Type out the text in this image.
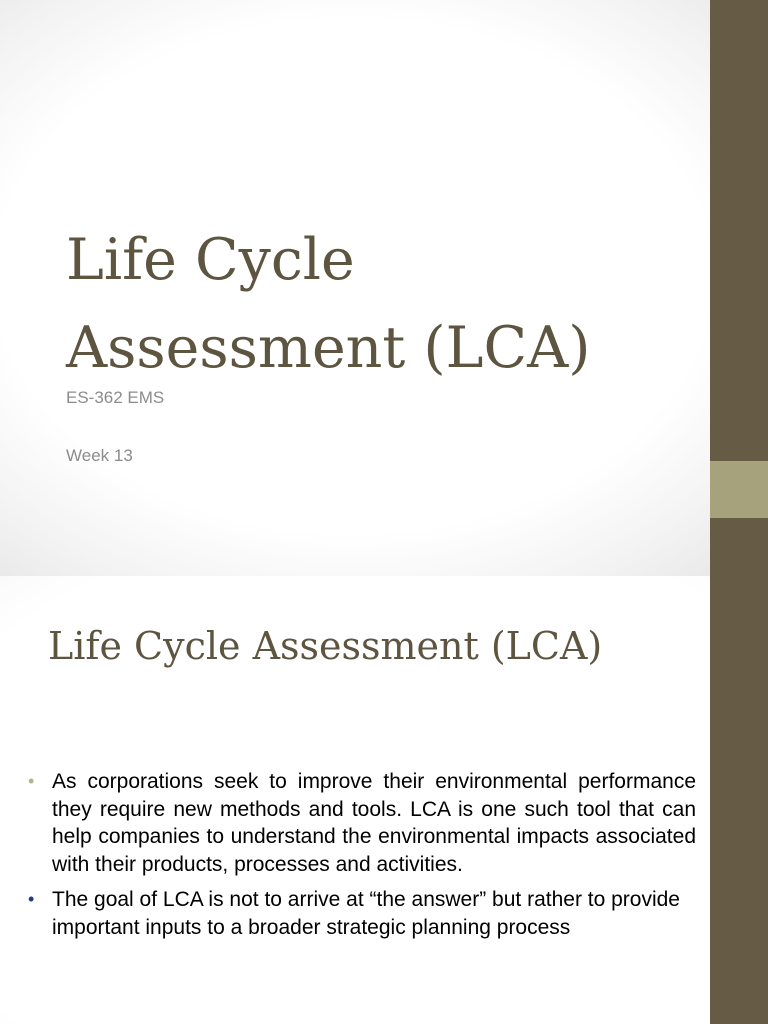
Life Cycle
Assessment (LCA)

ES-362 EMS

Week 13

Life Cycle Assessment (LCA)
• As corporations seek to improve their environmental performance they require new methods and tools. LCA is one such tool that can help companies to understand the environmental impacts associated with their products, processes and activities.
• The goal of LCA is not to arrive at “the answer” but rather to provide important inputs to a broader strategic planning process
